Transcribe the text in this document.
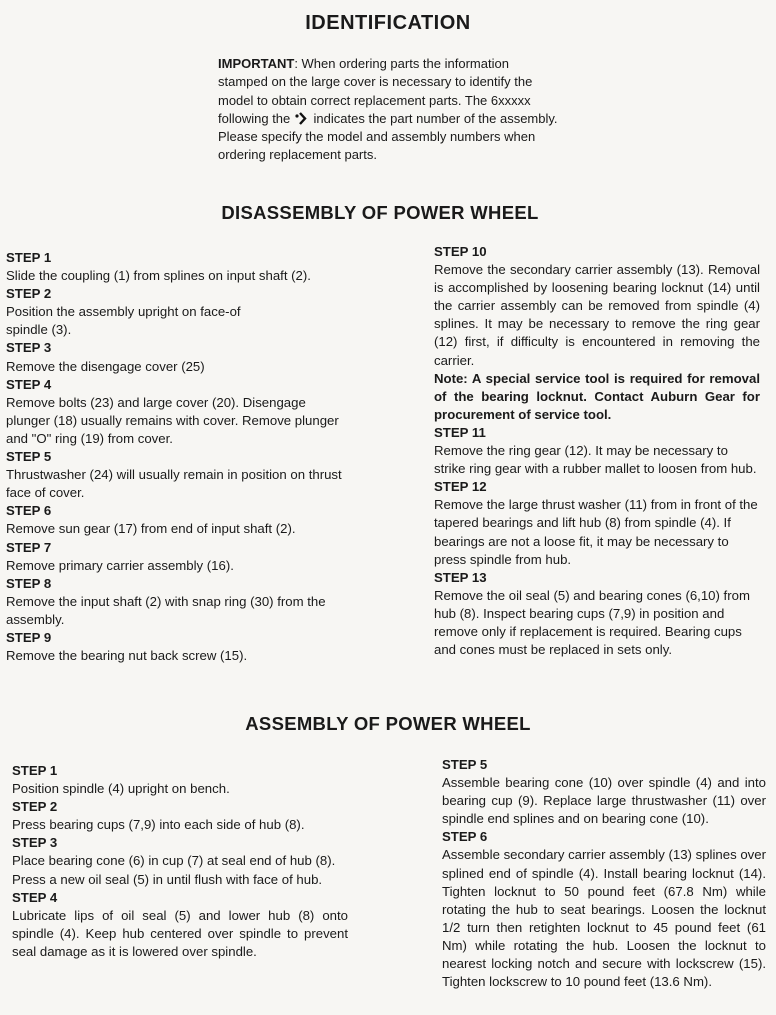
IDENTIFICATION
IMPORTANT: When ordering parts the information stamped on the large cover is necessary to identify the model to obtain correct replacement parts. The 6xxxxx following the indicates the part number of the assembly. Please specify the model and assembly numbers when ordering replacement parts.
DISASSEMBLY OF POWER WHEEL
STEP 1
Slide the coupling (1) from splines on input shaft (2).
STEP 2
Position the assembly upright on face-of spindle (3).
STEP 3
Remove the disengage cover (25)
STEP 4
Remove bolts (23) and large cover (20). Disengage plunger (18) usually remains with cover. Remove plunger and "O" ring (19) from cover.
STEP 5
Thrustwasher (24) will usually remain in position on thrust face of cover.
STEP 6
Remove sun gear (17) from end of input shaft (2).
STEP 7
Remove primary carrier assembly (16).
STEP 8
Remove the input shaft (2) with snap ring (30) from the assembly.
STEP 9
Remove the bearing nut back screw (15).
STEP 10
Remove the secondary carrier assembly (13). Removal is accomplished by loosening bearing locknut (14) until the carrier assembly can be removed from spindle (4) splines. It may be necessary to remove the ring gear (12) first, if difficulty is encountered in removing the carrier.
Note: A special service tool is required for removal of the bearing locknut. Contact Auburn Gear for procurement of service tool.
STEP 11
Remove the ring gear (12). It may be necessary to strike ring gear with a rubber mallet to loosen from hub.
STEP 12
Remove the large thrust washer (11) from in front of the tapered bearings and lift hub (8) from spindle (4). If bearings are not a loose fit, it may be necessary to press spindle from hub.
STEP 13
Remove the oil seal (5) and bearing cones (6,10) from hub (8). Inspect bearing cups (7,9) in position and remove only if replacement is required. Bearing cups and cones must be replaced in sets only.
ASSEMBLY OF POWER WHEEL
STEP 1
Position spindle (4) upright on bench.
STEP 2
Press bearing cups (7,9) into each side of hub (8).
STEP 3
Place bearing cone (6) in cup (7) at seal end of hub (8). Press a new oil seal (5) in until flush with face of hub.
STEP 4
Lubricate lips of oil seal (5) and lower hub (8) onto spindle (4). Keep hub centered over spindle to prevent seal damage as it is lowered over spindle.
STEP 5
Assemble bearing cone (10) over spindle (4) and into bearing cup (9). Replace large thrustwasher (11) over spindle end splines and on bearing cone (10).
STEP 6
Assemble secondary carrier assembly (13) splines over splined end of spindle (4). Install bearing locknut (14). Tighten locknut to 50 pound feet (67.8 Nm) while rotating the hub to seat bearings. Loosen the locknut 1/2 turn then retighten locknut to 45 pound feet (61 Nm) while rotating the hub. Loosen the locknut to nearest locking notch and secure with lockscrew (15). Tighten lockscrew to 10 pound feet (13.6 Nm).
